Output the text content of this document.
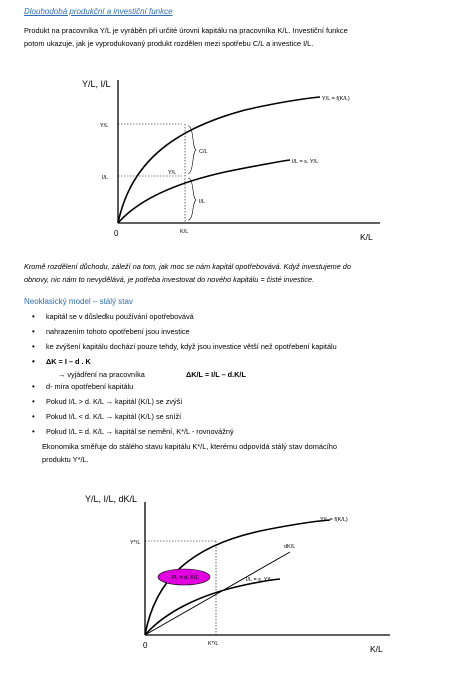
Dlouhodobá produkční a investiční funkce
Produkt na pracovníka Y/L je vyráběn při určité úrovni kapitálu na pracovníka K/L. Investiční funkce
potom ukazuje, jak je vyprodukovaný produkt rozdělen mezi spotřebu C/L a investice I/L.
Y/L, I/L
K/L
0
Y/L = f(K/L)
I/L = s. Y/L
Y/L
I/L
K/L
Y/L
C/L
I/L
Kromě rozdělení důchodu, záleží na tom, jak moc se nám kapitál opotřebovává. Když investujeme do
obnovy, nic nám to nevydělává, je potřeba investovat do nového kapitálu = čisté investice.
Neoklasický model – stálý stav
• kapitál se v důsledku používání opotřebovává
• nahrazením tohoto opotřebení jsou investice
• ke zvýšení kapitálu dochází pouze tehdy, když jsou investice větší než opotřebení kapitálu
• ΔK = I – d . K
→ vyjádření na pracovníka	ΔK/L = I/L – d.K/L
• d- míra opotřebení kapitálu
• Pokud I/L > d. K/L → kapitál (K/L) se zvýší
• Pokud I/L < d. K/L → kapitál (K/L) se sníží
• Pokud I/L = d. K/L → kapitál se nemění, K*/L - rovnovážný
Ekonomika směřuje do stálého stavu kapitálu K*/L, kterému odpovídá stálý stav domácího
produktu Y*/L.
Y/L, I/L, dK/L
K/L
0
Y/L = f(K/L)
dK/L
I/L = s. Y/L
Y*/L
K*/L
I/L = d. K/L
